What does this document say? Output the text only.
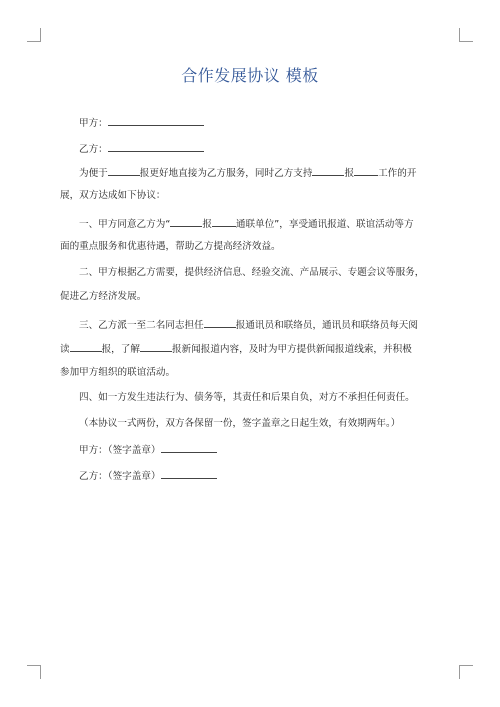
合作发展协议 模板
甲方：
乙方：
为便于	报更好地直接为乙方服务，同时乙方支持	报	工作的开
展，双方达成如下协议：
一、甲方同意乙方为“	报	通联单位”，享受通讯报道、联谊活动等方
面的重点服务和优惠待遇，帮助乙方提高经济效益。
二、甲方根据乙方需要，提供经济信息、经验交流、产品展示、专题会议等服务，
促进乙方经济发展。
三、乙方派一至二名同志担任	报通讯员和联络员，通讯员和联络员每天阅
读	报，了解	报新闻报道内容，及时为甲方提供新闻报道线索，并积极
参加甲方组织的联谊活动。
四、如一方发生违法行为、债务等，其责任和后果自负，对方不承担任何责任。
（本协议一式两份，双方各保留一份，签字盖章之日起生效，有效期两年。）
甲方：（签字盖章）
乙方：（签字盖章）
